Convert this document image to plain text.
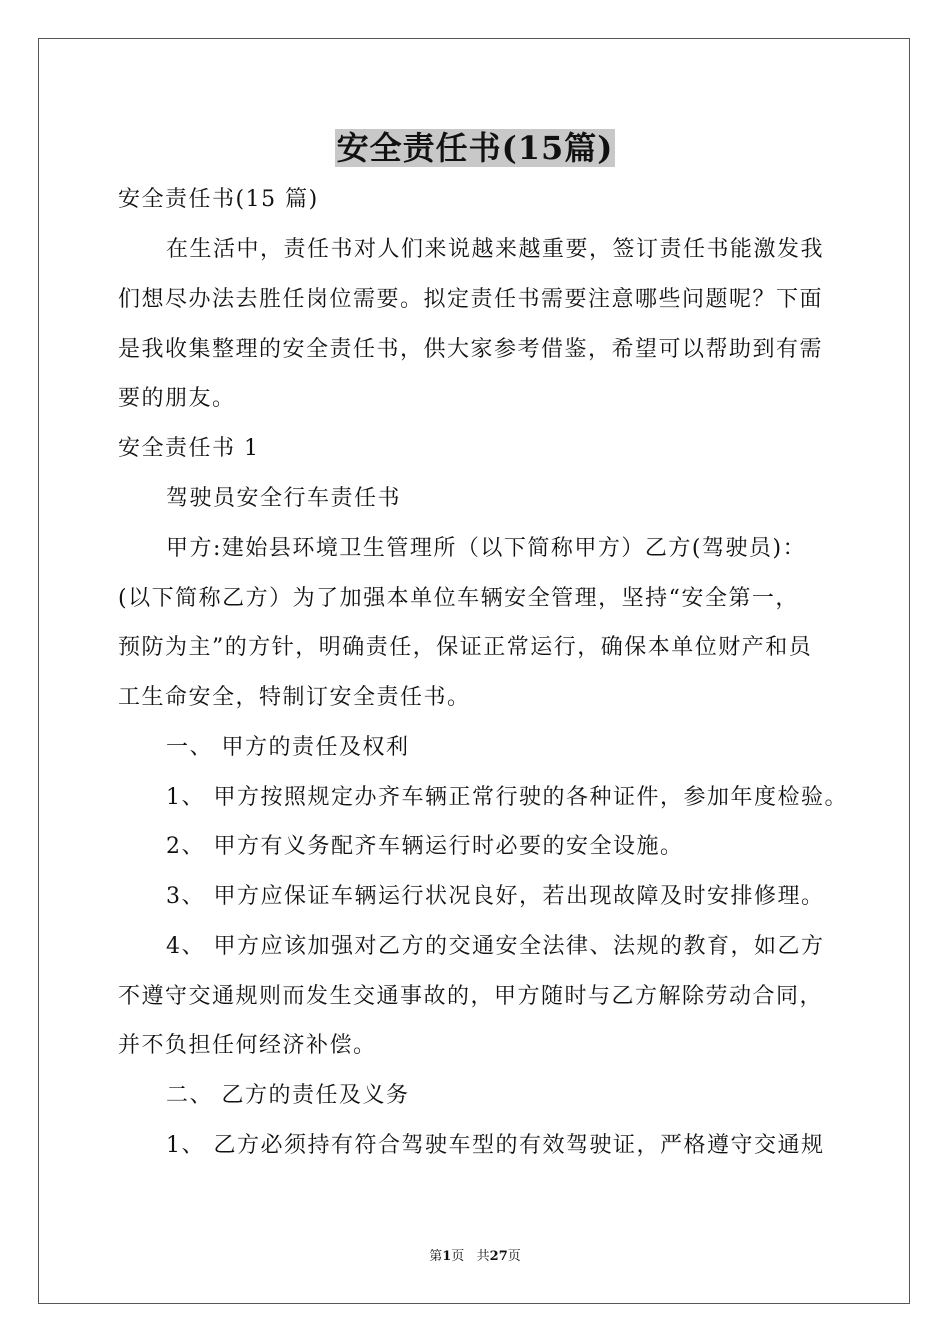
安全责任书(15篇)
安全责任书(15 篇)
在生活中，责任书对人们来说越来越重要，签订责任书能激发我
们想尽办法去胜任岗位需要。拟定责任书需要注意哪些问题呢？下面
是我收集整理的安全责任书，供大家参考借鉴，希望可以帮助到有需
要的朋友。
安全责任书 1
驾驶员安全行车责任书
甲方:建始县环境卫生管理所（以下简称甲方）乙方(驾驶员)：
(以下简称乙方）为了加强本单位车辆安全管理，坚持“安全第一，
预防为主”的方针，明确责任，保证正常运行，确保本单位财产和员
工生命安全，特制订安全责任书。
一、 甲方的责任及权利
1、 甲方按照规定办齐车辆正常行驶的各种证件，参加年度检验。
2、 甲方有义务配齐车辆运行时必要的安全设施。
3、 甲方应保证车辆运行状况良好，若出现故障及时安排修理。
4、 甲方应该加强对乙方的交通安全法律、法规的教育，如乙方
不遵守交通规则而发生交通事故的，甲方随时与乙方解除劳动合同，
并不负担任何经济补偿。
二、 乙方的责任及义务
1、 乙方必须持有符合驾驶车型的有效驾驶证，严格遵守交通规
第1页   共27页
